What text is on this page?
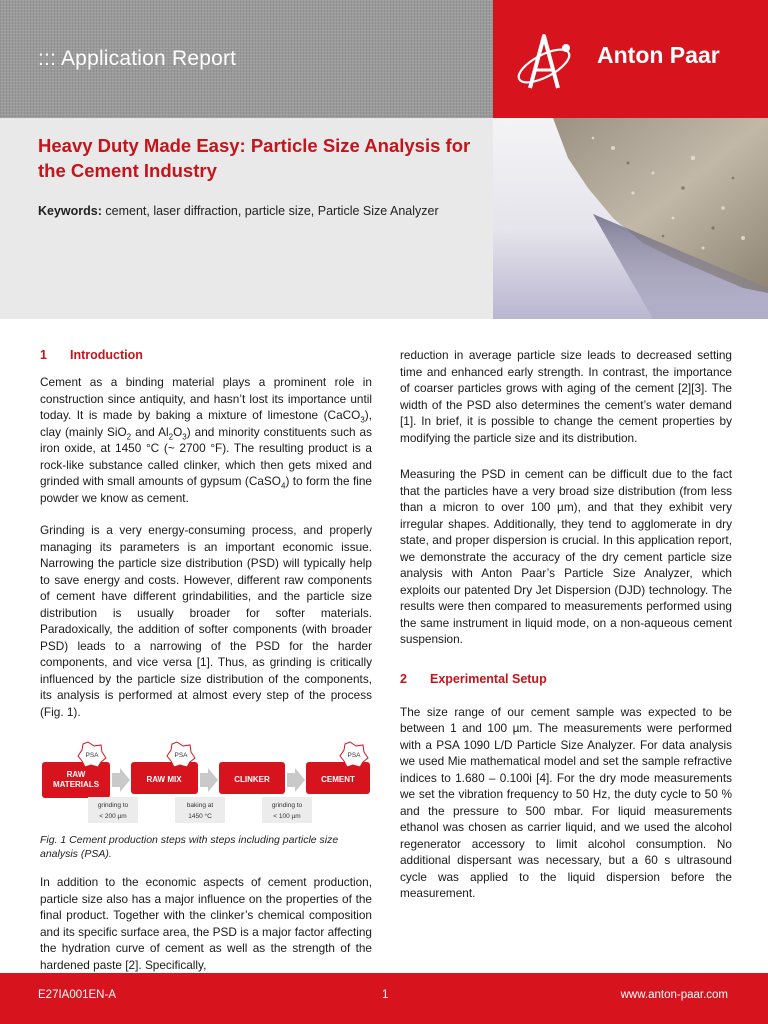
::: Application Report	Anton Paar
Heavy Duty Made Easy: Particle Size Analysis for the Cement Industry
Keywords: cement, laser diffraction, particle size, Particle Size Analyzer
1 Introduction

Cement as a binding material plays a prominent role in construction since antiquity, and hasn’t lost its importance until today. It is made by baking a mixture of limestone (CaCO$_3$), clay (mainly SiO$_2$ and $Al_2O_3$) and minority constituents such as iron oxide, at 1450 °C (~ 2700 °F). The resulting product is a rock-like substance called clinker, which then gets mixed and grinded with small amounts of gypsum (CaSO$_4$) to form the fine powder we know as cement.

Grinding is a very energy-consuming process, and properly managing its parameters is an important economic issue. Narrowing the particle size distribution (PSD) will typically help to save energy and costs. However, different raw components of cement have different grindabilities, and the particle size distribution is usually broader for softer materials. Paradoxically, the addition of softer components (with broader PSD) leads to a narrowing of the PSD for the harder components, and vice versa [1]. Thus, as grinding is critically influenced by the particle size distribution of the components, its analysis is performed at almost every step of the process (Fig. 1).

PSA	PSA	PSA
RAW
MATERIALS
RAW MIX	CLINKER	CEMENT
grinding to
< 200 µm
baking at
1450 °C
grinding to
< 100 µm
Fig. 1 Cement production steps with steps including particle size analysis (PSA).

In addition to the economic aspects of cement production, particle size also has a major influence on the properties of the final product. Together with the clinker’s chemical composition and its specific surface area, the PSD is a major factor affecting the hydration curve of cement as well as the strength of the hardened paste [2]. Specifically,

reduction in average particle size leads to decreased setting time and enhanced early strength. In contrast, the importance of coarser particles grows with aging of the cement [2][3]. The width of the PSD also determines the cement’s water demand [1]. In brief, it is possible to change the cement properties by modifying the particle size and its distribution.

Measuring the PSD in cement can be difficult due to the fact that the particles have a very broad size distribution (from less than a micron to over 100 µm), and that they exhibit very irregular shapes. Additionally, they tend to agglomerate in dry state, and proper dispersion is crucial. In this application report, we demonstrate the accuracy of the dry cement particle size analysis with Anton Paar’s Particle Size Analyzer, which exploits our patented Dry Jet Dispersion (DJD) technology. The results were then compared to measurements performed using the same instrument in liquid mode, on a non-aqueous cement suspension.

2 Experimental Setup

The size range of our cement sample was expected to be between 1 and 100 µm. The measurements were performed with a PSA 1090 L/D Particle Size Analyzer. For data analysis we used Mie mathematical model and set the sample refractive indices to 1.680 – 0.100i [4]. For the dry mode measurements we set the vibration frequency to 50 Hz, the duty cycle to 50 % and the pressure to 500 mbar. For liquid measurements ethanol was chosen as carrier liquid, and we used the alcohol regenerator accessory to limit alcohol consumption. No additional dispersant was necessary, but a 60 s ultrasound cycle was applied to the liquid dispersion before the measurement.

E27IA001EN-A	1	www.anton-paar.com
